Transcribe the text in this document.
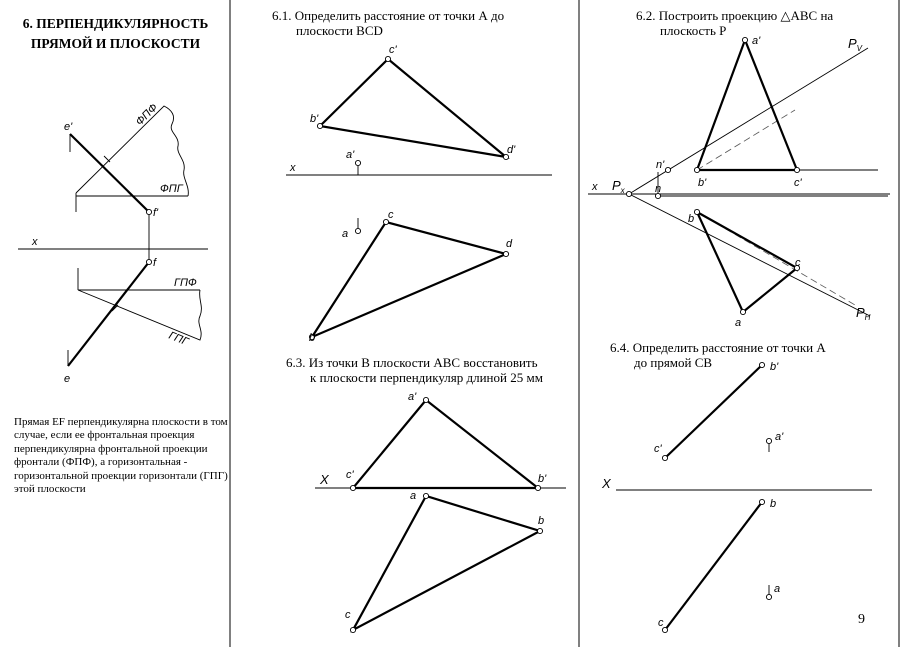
6. ПЕРПЕНДИКУЛЯРНОСТЬ
ПРЯМОЙ И ПЛОСКОСТИ
6.1. Определить расстояние от точки А до
плоскости BCD
6.2. Построить проекцию △ABC на
плоскость P
6.3. Из точки B плоскости ABC восстановить
к плоскости перпендикуляр длиной 25 мм
6.4. Определить расстояние от точки A
до прямой CB
Прямая EF перпендикулярна плоскости в том случае, если ее фронтальная проекция перпендикулярна фронтальной проекции фронтали (ФПФ), а горизонтальная - горизонтальной проекции горизонтали (ГПГ) этой плоскости
9
x
ФПФ
ФПГ
ГПФ
ГПГ
e'
f'
f
e
x
c'
b'
d'
a'
c
a
d
b
x
a'
n'
b'	c'
n
b
c
a
$P_x$
$P_V$
$P_H$
X
a'
c'	b'
a
b
c
X
b'
c'
a'
b
a
c
